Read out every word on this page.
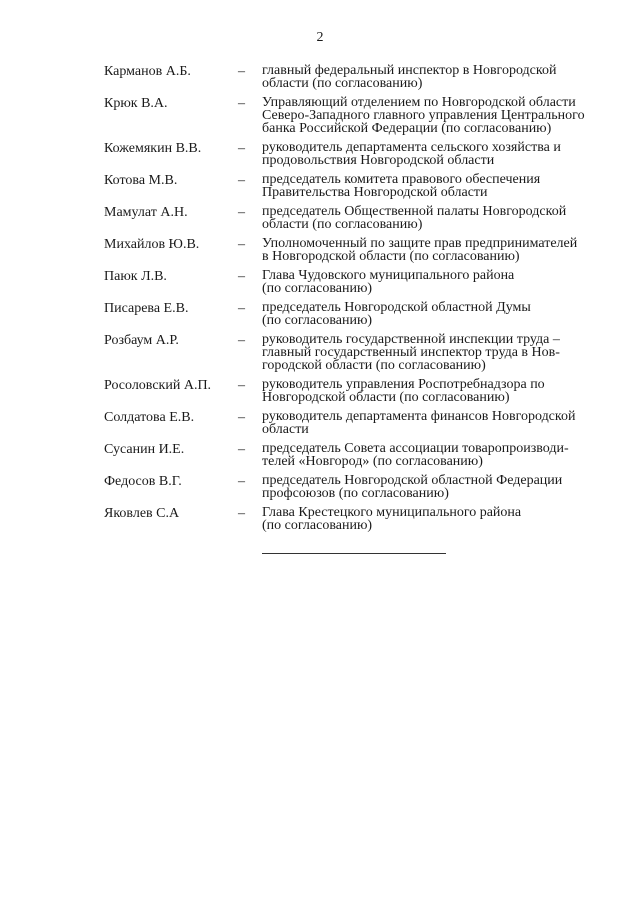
2
Карманов А.Б.	– главный федеральный инспектор в Новгородской
области (по согласованию)
Крюк В.А.	– Управляющий отделением по Новгородской области
Северо-Западного главного управления Центрального
банка Российской Федерации (по согласованию)
Кожемякин В.В.	– руководитель департамента сельского хозяйства и
продовольствия Новгородской области
Котова М.В.	– председатель комитета правового обеспечения
Правительства Новгородской области
Мамулат А.Н.	– председатель Общественной палаты Новгородской
области (по согласованию)
Михайлов Ю.В.	– Уполномоченный по защите прав предпринимателей
в Новгородской области (по согласованию)
Паюк Л.В.	– Глава Чудовского муниципального района
(по согласованию)
Писарева Е.В.	– председатель Новгородской областной Думы
(по согласованию)
Розбаум А.Р.	– руководитель государственной инспекции труда –
главный государственный инспектор труда в Нов-
городской области (по согласованию)
Росоловский А.П. – руководитель управления Роспотребнадзора по
Новгородской области (по согласованию)
Солдатова Е.В.	– руководитель департамента финансов Новгородской
области
Сусанин И.Е.	– председатель Совета ассоциации товаропроизводи-
телей «Новгород» (по согласованию)
Федосов В.Г.	– председатель Новгородской областной Федерации
профсоюзов (по согласованию)
Яковлев С.А	– Глава Крестецкого муниципального района
(по согласованию)
